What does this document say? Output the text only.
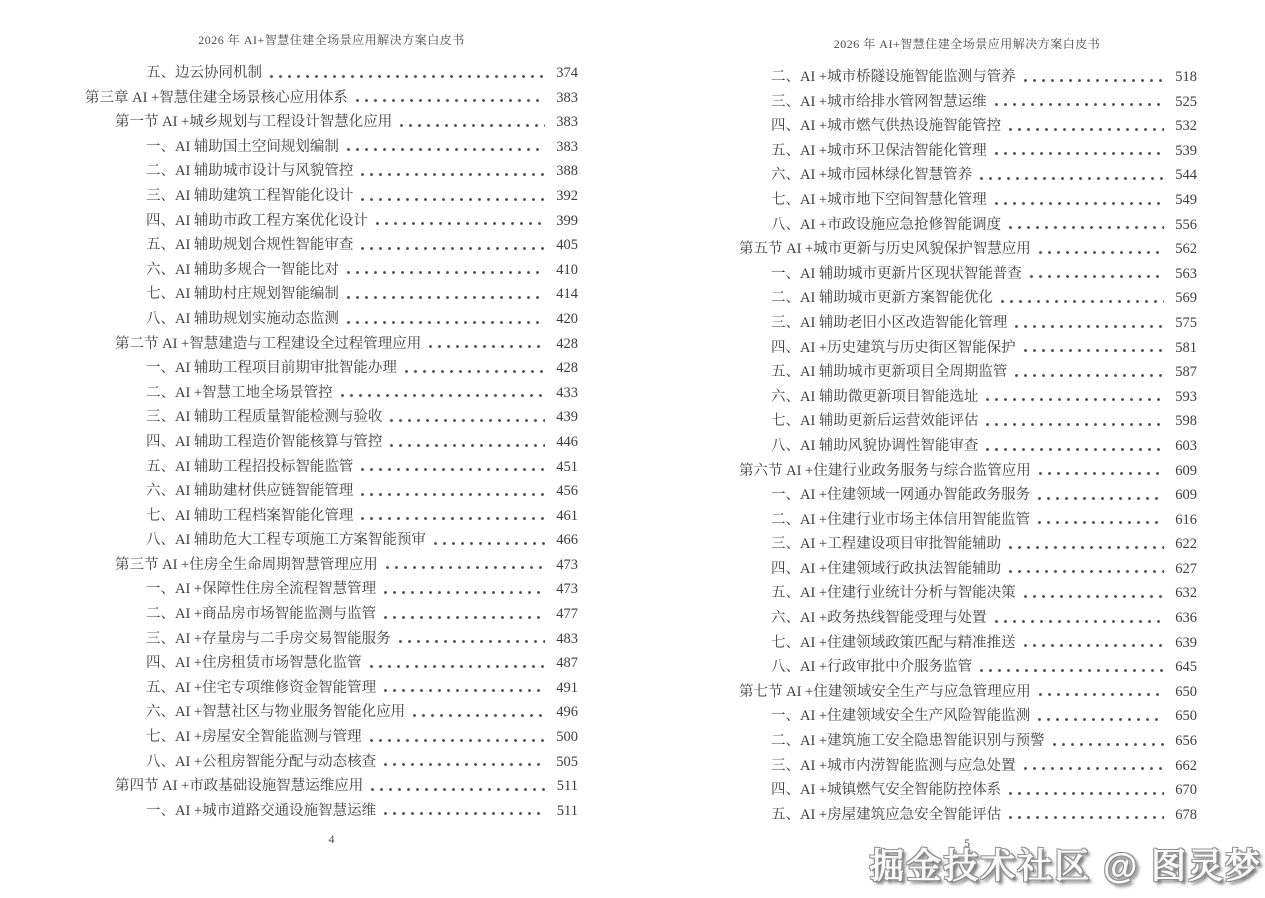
2026 年 AI+智慧住建全场景应用解决方案白皮书
五、边云协同机制	374
第三章 AI +智慧住建全场景核心应用体系	383
第一节 AI +城乡规划与工程设计智慧化应用	383
一、AI 辅助国土空间规划编制	383
二、AI 辅助城市设计与风貌管控	388
三、AI 辅助建筑工程智能化设计	392
四、AI 辅助市政工程方案优化设计	399
五、AI 辅助规划合规性智能审查	405
六、AI 辅助多规合一智能比对	410
七、AI 辅助村庄规划智能编制	414
八、AI 辅助规划实施动态监测	420
第二节 AI +智慧建造与工程建设全过程管理应用	428
一、AI 辅助工程项目前期审批智能办理	428
二、AI +智慧工地全场景管控	433
三、AI 辅助工程质量智能检测与验收	439
四、AI 辅助工程造价智能核算与管控	446
五、AI 辅助工程招投标智能监管	451
六、AI 辅助建材供应链智能管理	456
七、AI 辅助工程档案智能化管理	461
八、AI 辅助危大工程专项施工方案智能预审	466
第三节 AI +住房全生命周期智慧管理应用	473
一、AI +保障性住房全流程智慧管理	473
二、AI +商品房市场智能监测与监管	477
三、AI +存量房与二手房交易智能服务	483
四、AI +住房租赁市场智慧化监管	487
五、AI +住宅专项维修资金智能管理	491
六、AI +智慧社区与物业服务智能化应用	496
七、AI +房屋安全智能监测与管理	500
八、AI +公租房智能分配与动态核查	505
第四节 AI +市政基础设施智慧运维应用	511
一、AI +城市道路交通设施智慧运维	511
4
2026 年 AI+智慧住建全场景应用解决方案白皮书
二、AI +城市桥隧设施智能监测与管养	518
三、AI +城市给排水管网智慧运维	525
四、AI +城市燃气供热设施智能管控	532
五、AI +城市环卫保洁智能化管理	539
六、AI +城市园林绿化智慧管养	544
七、AI +城市地下空间智慧化管理	549
八、AI +市政设施应急抢修智能调度	556
第五节 AI +城市更新与历史风貌保护智慧应用	562
一、AI 辅助城市更新片区现状智能普查	563
二、AI 辅助城市更新方案智能优化	569
三、AI 辅助老旧小区改造智能化管理	575
四、AI +历史建筑与历史街区智能保护	581
五、AI 辅助城市更新项目全周期监管	587
六、AI 辅助微更新项目智能选址	593
七、AI 辅助更新后运营效能评估	598
八、AI 辅助风貌协调性智能审查	603
第六节 AI +住建行业政务服务与综合监管应用	609
一、AI +住建领域一网通办智能政务服务	609
二、AI +住建行业市场主体信用智能监管	616
三、AI +工程建设项目审批智能辅助	622
四、AI +住建领域行政执法智能辅助	627
五、AI +住建行业统计分析与智能决策	632
六、AI +政务热线智能受理与处置	636
七、AI +住建领域政策匹配与精准推送	639
八、AI +行政审批中介服务监管	645
第七节 AI +住建领域安全生产与应急管理应用	650
一、AI +住建领域安全生产风险智能监测	650
二、AI +建筑施工安全隐患智能识别与预警	656
三、AI +城市内涝智能监测与应急处置	662
四、AI +城镇燃气安全智能防控体系	670
五、AI +房屋建筑应急安全智能评估	678
5
掘金技术社区 @ 图灵梦
